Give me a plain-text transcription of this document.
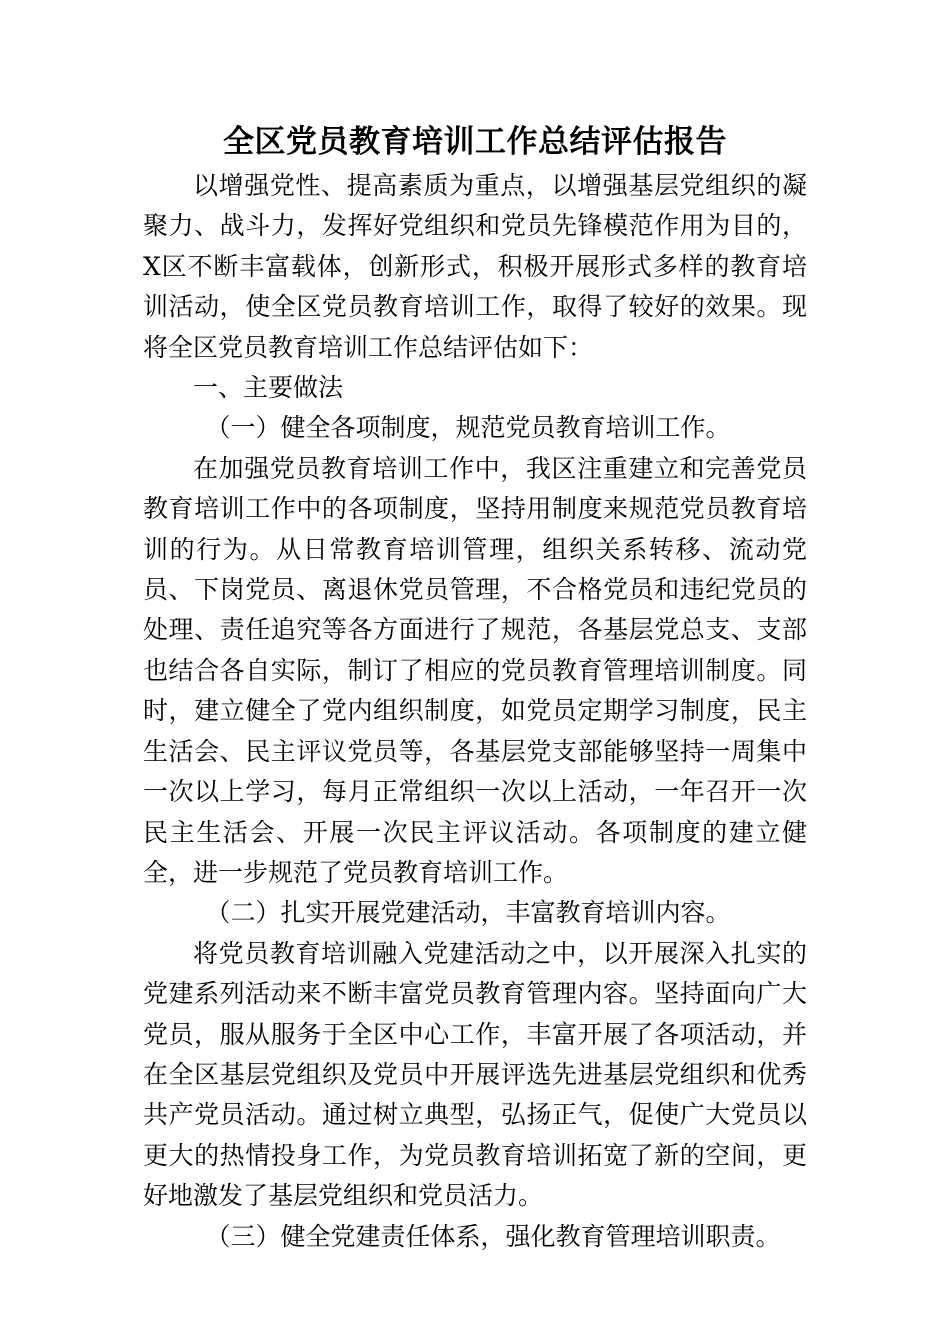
全区党员教育培训工作总结评估报告

以增强党性、提高素质为重点，以增强基层党组织的凝聚力、战斗力，发挥好党组织和党员先锋模范作用为目的，X区不断丰富载体，创新形式，积极开展形式多样的教育培训活动，使全区党员教育培训工作，取得了较好的效果。现将全区党员教育培训工作总结评估如下：

一、主要做法

（一）健全各项制度，规范党员教育培训工作。

在加强党员教育培训工作中，我区注重建立和完善党员教育培训工作中的各项制度，坚持用制度来规范党员教育培训的行为。从日常教育培训管理，组织关系转移、流动党员、下岗党员、离退休党员管理，不合格党员和违纪党员的处理、责任追究等各方面进行了规范，各基层党总支、支部也结合各自实际，制订了相应的党员教育管理培训制度。同时，建立健全了党内组织制度，如党员定期学习制度，民主生活会、民主评议党员等，各基层党支部能够坚持一周集中一次以上学习，每月正常组织一次以上活动，一年召开一次民主生活会、开展一次民主评议活动。各项制度的建立健全，进一步规范了党员教育培训工作。

（二）扎实开展党建活动，丰富教育培训内容。

将党员教育培训融入党建活动之中，以开展深入扎实的党建系列活动来不断丰富党员教育管理内容。坚持面向广大党员，服从服务于全区中心工作，丰富开展了各项活动，并在全区基层党组织及党员中开展评选先进基层党组织和优秀共产党员活动。通过树立典型，弘扬正气，促使广大党员以更大的热情投身工作，为党员教育培训拓宽了新的空间，更好地激发了基层党组织和党员活力。

（三）健全党建责任体系，强化教育管理培训职责。
